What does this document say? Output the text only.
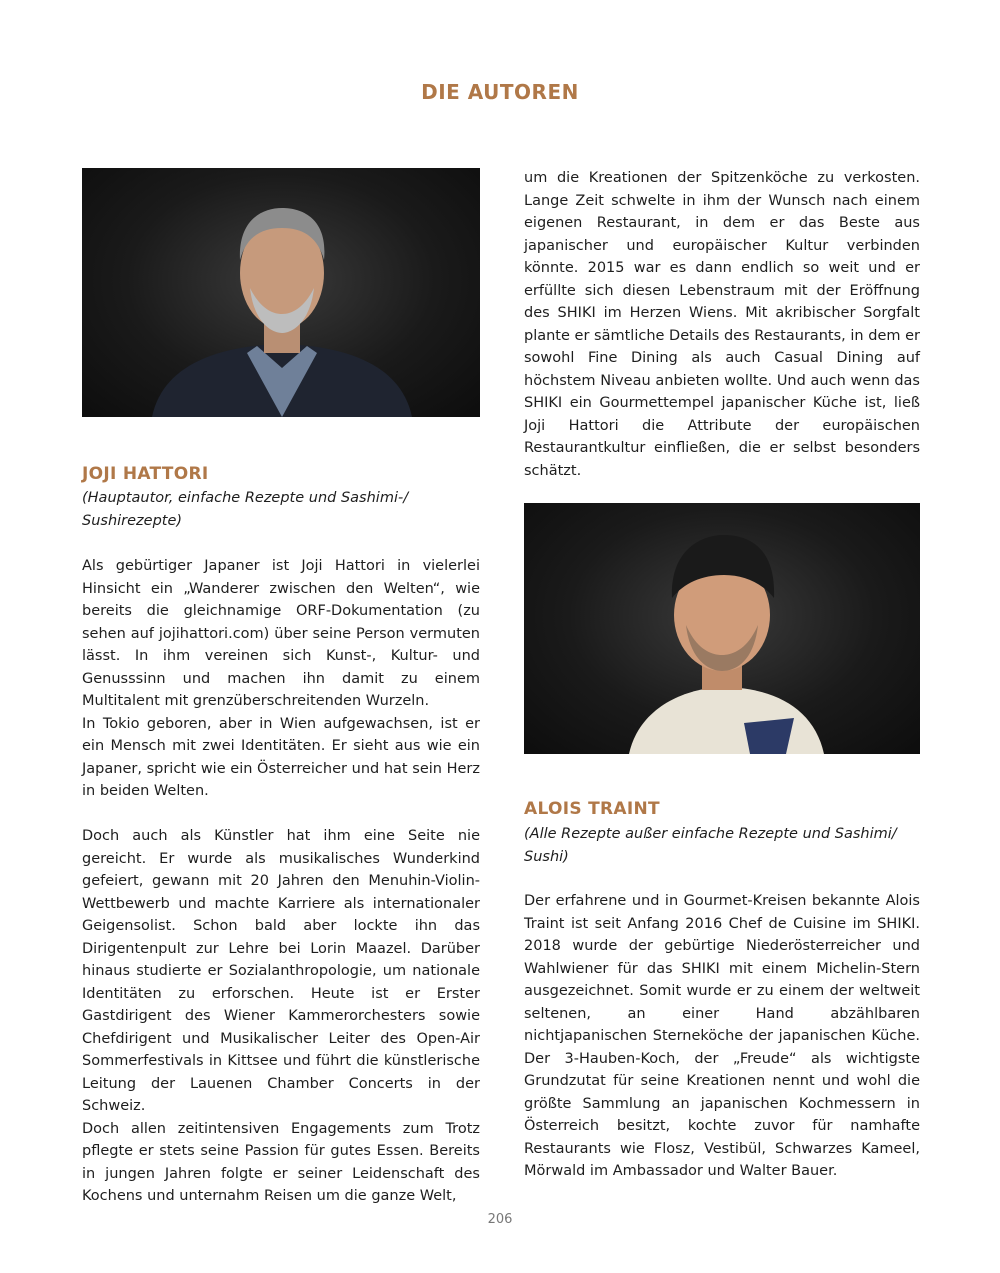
DIE AUTOREN
JOJI HATTORI
(Hauptautor, einfache Rezepte und Sashimi-/ Sushirezepte)

Als gebürtiger Japaner ist Joji Hattori in vielerlei Hinsicht ein „Wanderer zwischen den Welten“, wie bereits die gleichnamige ORF-Dokumentation (zu sehen auf jojihattori.com) über seine Person vermuten lässt. In ihm vereinen sich Kunst-, Kultur- und Genusssinn und machen ihn damit zu einem Multitalent mit grenzüberschreitenden Wurzeln.

In Tokio geboren, aber in Wien aufgewachsen, ist er ein Mensch mit zwei Identitäten. Er sieht aus wie ein Japaner, spricht wie ein Österreicher und hat sein Herz in beiden Welten.

Doch auch als Künstler hat ihm eine Seite nie gereicht. Er wurde als musikalisches Wunderkind gefeiert, gewann mit 20 Jahren den Menuhin-Violin-Wettbewerb und machte Karriere als internationaler Geigensolist. Schon bald aber lockte ihn das Dirigentenpult zur Lehre bei Lorin Maazel. Darüber hinaus studierte er Sozialanthropologie, um nationale Identitäten zu erforschen. Heute ist er Erster Gastdirigent des Wiener Kammerorchesters sowie Chefdirigent und Musikalischer Leiter des Open-Air Sommerfestivals in Kittsee und führt die künstlerische Leitung der Lauenen Chamber Concerts in der Schweiz.

Doch allen zeitintensiven Engagements zum Trotz pflegte er stets seine Passion für gutes Essen. Bereits in jungen Jahren folgte er seiner Leidenschaft des Kochens und unternahm Reisen um die ganze Welt,

um die Kreationen der Spitzenköche zu verkosten. Lange Zeit schwelte in ihm der Wunsch nach einem eigenen Restaurant, in dem er das Beste aus japanischer und europäischer Kultur verbinden könnte. 2015 war es dann endlich so weit und er erfüllte sich diesen Lebenstraum mit der Eröffnung des SHIKI im Herzen Wiens. Mit akribischer Sorgfalt plante er sämtliche Details des Restaurants, in dem er sowohl Fine Dining als auch Casual Dining auf höchstem Niveau anbieten wollte. Und auch wenn das SHIKI ein Gourmettempel japanischer Küche ist, ließ Joji Hattori die Attribute der europäischen Restaurantkultur einfließen, die er selbst besonders schätzt.

ALOIS TRAINT
(Alle Rezepte außer einfache Rezepte und Sashimi/ Sushi)

Der erfahrene und in Gourmet-Kreisen bekannte Alois Traint ist seit Anfang 2016 Chef de Cuisine im SHIKI. 2018 wurde der gebürtige Niederösterreicher und Wahlwiener für das SHIKI mit einem Michelin-Stern ausgezeichnet. Somit wurde er zu einem der weltweit seltenen, an einer Hand abzählbaren nichtjapanischen Sterneköche der japanischen Küche. Der 3-Hauben-Koch, der „Freude“ als wichtigste Grundzutat für seine Kreationen nennt und wohl die größte Sammlung an japanischen Kochmessern in Österreich besitzt, kochte zuvor für namhafte Restaurants wie Flosz, Vestibül, Schwarzes Kameel, Mörwald im Ambassador und Walter Bauer.

206
